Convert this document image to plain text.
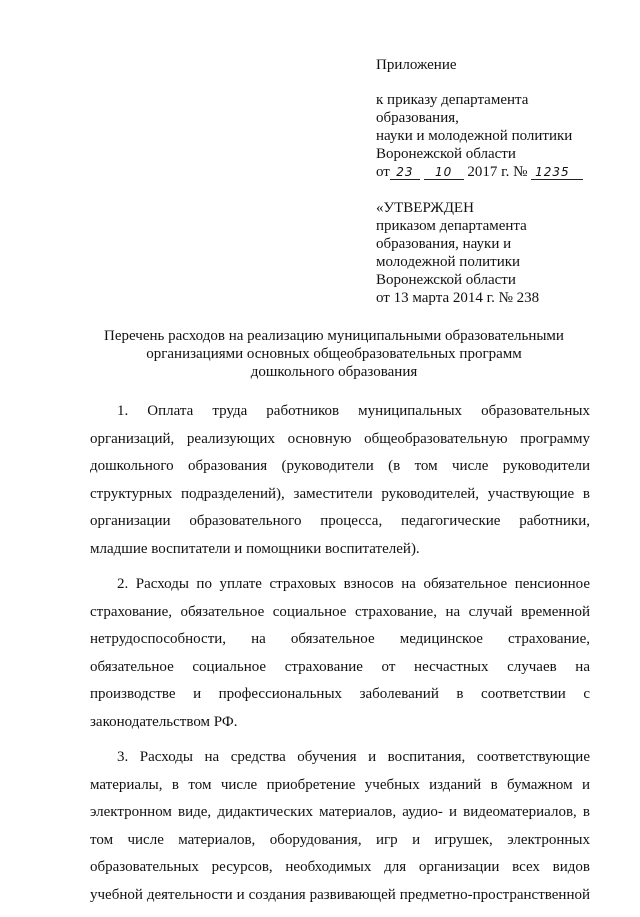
Приложение
к приказу департамента
образования,
науки и молодежной политики
Воронежской области
от 23 10 2017 г. № 1235
«УТВЕРЖДЕН
приказом департамента
образования, науки и
молодежной политики
Воронежской области
от 13 марта 2014 г. № 238
Перечень расходов на реализацию муниципальными образовательными
организациями основных общеобразовательных программ
дошкольного образования
1. Оплата труда работников муниципальных образовательных
организаций, реализующих основную общеобразовательную программу
дошкольного образования (руководители (в том числе руководители
структурных подразделений), заместители руководителей, участвующие в
организации образовательного процесса, педагогические работники,
младшие воспитатели и помощники воспитателей).
2. Расходы по уплате страховых взносов на обязательное пенсионное
страхование, обязательное социальное страхование, на случай временной
нетрудоспособности, на обязательное медицинское страхование,
обязательное социальное страхование от несчастных случаев на
производстве и профессиональных заболеваний в соответствии с
законодательством РФ.
3. Расходы на средства обучения и воспитания, соответствующие
материалы, в том числе приобретение учебных изданий в бумажном и
электронном виде, дидактических материалов, аудио- и видеоматериалов, в
том числе материалов, оборудования, игр и игрушек, электронных
образовательных ресурсов, необходимых для организации всех видов
учебной деятельности и создания развивающей предметно-пространственной
